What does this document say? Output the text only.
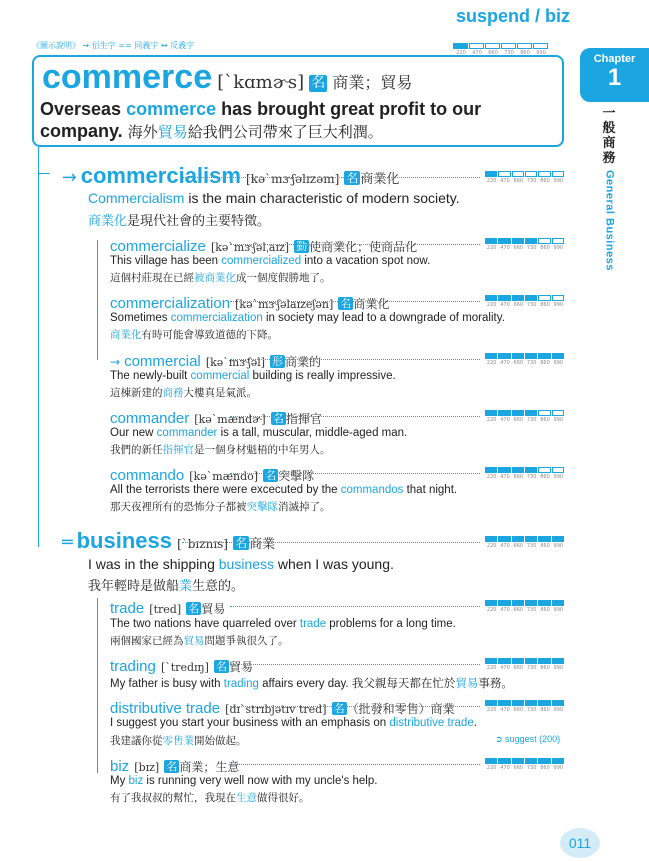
suspend / biz
《圖示說明》 → 衍生字 == 同義字 ↔ 反義字
Chapter
1
一般商務
General Business
220	470	660	730	860	990
commerce [ˋkɑmɚs] 名 商業；貿易
Overseas commerce has brought great profit to our company. 海外貿易給我們公司帶來了巨大利潤。
→ commercialism [kəˋmɝʃəlɪzəm] 名 商業化
Commercialism is the main characteristic of modern society.
商業化是現代社會的主要特徵。
220 470 660 730 860 990
commercialize [kəˋmɝʃəlˌaɪz] 動 使商業化；使商品化
This village has been commercialized into a vacation spot now.
這個村莊現在已經被商業化成一個度假勝地了。
220 470 660 730 860 990
commercialization [kəˋmɝʃəlaɪzeʃən] 名 商業化
Sometimes commercialization in society may lead to a downgrade of morality.
商業化有時可能會導致道德的下降。
220 470 660 730 860 990
→ commercial [kəˋmɝʃəl] 形 商業的
The newly-built commercial building is really impressive.
這棟新建的商務大樓真是氣派。
220 470 660 730 860 990
commander [kəˋmændɚ] 名 指揮官
Our new commander is a tall, muscular, middle-aged man.
我們的新任指揮官是一個身材魁梧的中年男人。
220 470 660 730 860 990
commando [kəˋmændo] 名 突擊隊
All the terrorists there were excecuted by the commandos that night.
那天夜裡所有的恐怖分子都被突擊隊消滅掉了。
220 470 660 730 860 990
═ business [ˋbɪznɪs] 名 商業
I was in the shipping business when I was young.
我年輕時是做船業生意的。
220 470 660 730 860 990
trade [tred] 名 貿易
The two nations have quarreled over trade problems for a long time.
兩個國家已經為貿易問題爭執很久了。
220 470 660 730 860 990
trading [ˋtredɪŋ] 名 貿易
My father is busy with trading affairs every day. 我父親每天都在忙於貿易事務。
220 470 660 730 860 990
distributive trade [dɪˋstrɪbjətɪv tred] 名 （批發和零售）商業
I suggest you start your business with an emphasis on distributive trade.
我建議你從零售業開始做起。
220 470 660 730 860 990
➲ suggest (200)
biz [bɪz] 名 商業；生意
My biz is running very well now with my uncle's help.
有了我叔叔的幫忙，我現在生意做得很好。
220 470 660 730 860 990
011
